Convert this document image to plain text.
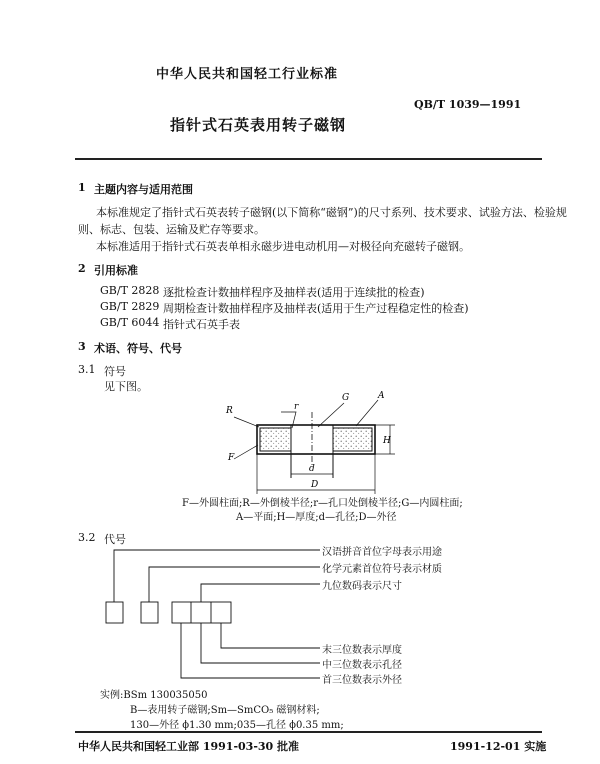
中华人民共和国轻工行业标准
QB/T 1039—1991
指针式石英表用转子磁钢
1 主题内容与适用范围
本标准规定了指针式石英表转子磁钢(以下简称“磁钢”)的尺寸系列、技术要求、试验方法、检验规
则、标志、包装、运输及贮存等要求。
本标准适用于指针式石英表单相永磁步进电动机用—对极径向充磁转子磁钢。
2 引用标准
GB/T 2828 逐批检查计数抽样程序及抽样表(适用于连续批的检查)
GB/T 2829 周期检查计数抽样程序及抽样表(适用于生产过程稳定性的检查)
GB/T 6044 指针式石英手表
3 术语、符号、代号
3.1 符号
见下图。
R
F
r
G	A
H
d
D
F—外圆柱面;R—外倒棱半径;r—孔口处倒棱半径;G—内圆柱面;
A—平面;H—厚度;d—孔径;D—外径
3.2 代号
汉语拼音首位字母表示用途
化学元素首位符号表示材质
九位数码表示尺寸
末三位数表示厚度
中三位数表示孔径
首三位数表示外径
实例:BSm 130035050
B—表用转子磁钢;Sm—SmCO₅ 磁钢材料;
130—外径 ϕ1.30 mm;035—孔径 ϕ0.35 mm;
中华人民共和国轻工业部 1991-03-30 批准	1991-12-01 实施
